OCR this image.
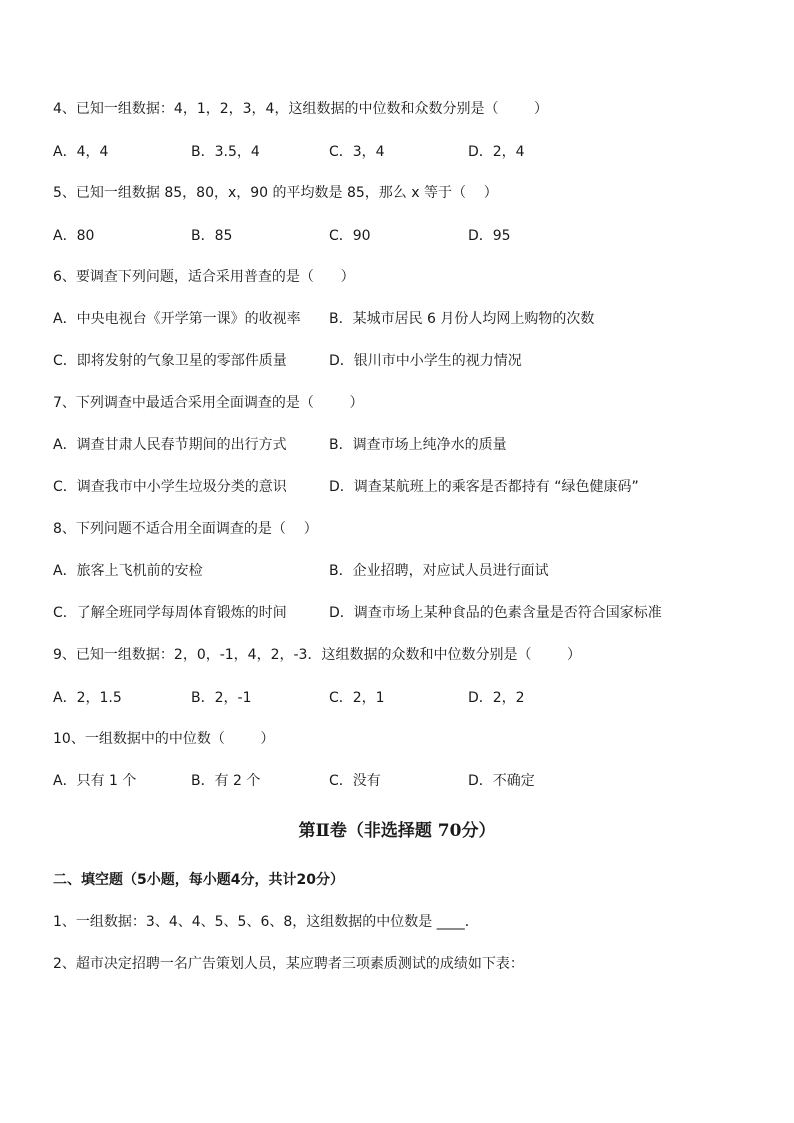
4、已知一组数据：4，1，2，3，4，这组数据的中位数和众数分别是（        ）

A．4，4

	B．3.5，4

	C．3，4

	D．2，4

5、已知一组数据 85，80，x，90 的平均数是 85，那么 x 等于（    ）

A．80

	B．85

	C．90

	D．95

6、要调查下列问题，适合采用普查的是（      ）

A．中央电视台《开学第一课》的收视率

B．某城市居民 6 月份人均网上购物的次数

C．即将发射的气象卫星的零部件质量

	D．银川市中小学生的视力情况

7、下列调查中最适合采用全面调查的是（        ）

A．调查甘肃人民春节期间的出行方式

	B．调查市场上纯净水的质量

C．调查我市中小学生垃圾分类的意识

	D．调查某航班上的乘客是否都持有 “绿色健康码”

8、下列问题不适合用全面调查的是（    ）

A．旅客上飞机前的安检

	B．企业招聘，对应试人员进行面试

C．了解全班同学每周体育锻炼的时间

	D．调查市场上某种食品的色素含量是否符合国家标准

9、已知一组数据：2，0，-1，4，2，-3．这组数据的众数和中位数分别是（        ）

A．2，1.5

	B．2，-1

	C．2，1

	D．2，2

10、一组数据中的中位数（        ）

A．只有 1 个

	B．有 2 个

	C．没有

	D．不确定

第Ⅱ卷（非选择题 70分）
二、填空题（5小题，每小题4分，共计20分）
1、一组数据：3、4、4、5、5、6、8，这组数据的中位数是 ____．
2、超市决定招聘一名广告策划人员，某应聘者三项素质测试的成绩如下表：
